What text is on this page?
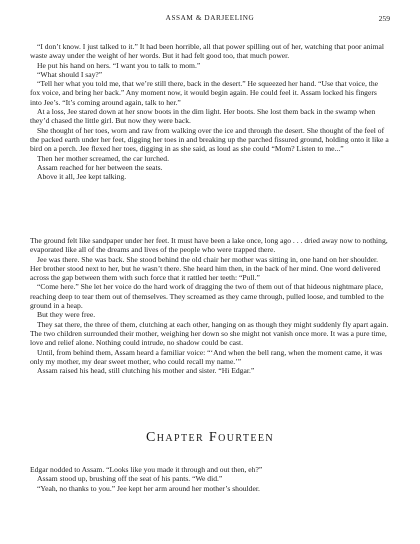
ASSAM & DARJEELING	259

“I don’t know. I just talked to it.” It had been horrible, all that power spilling out of her, watching that poor animal waste away under the weight of her words. But it had felt good too, that much power.

He put his hand on hers. “I want you to talk to mom.”

“What should I say?”

“Tell her what you told me, that we’re still there, back in the desert.” He squeezed her hand. “Use that voice, the fox voice, and bring her back.” Any moment now, it would begin again. He could feel it. Assam locked his fingers into Jee’s. “It’s coming around again, talk to her.”

At a loss, Jee stared down at her snow boots in the dim light. Her boots. She lost them back in the swamp when they’d chased the little girl. But now they were back.

She thought of her toes, worn and raw from walking over the ice and through the desert. She thought of the feel of the packed earth under her feet, digging her toes in and breaking up the parched fissured ground, holding onto it like a bird on a perch. Jee flexed her toes, digging in as she said, as loud as she could “Mom? Listen to me...”

Then her mother screamed, the car lurched.

Assam reached for her between the seats.

Above it all, Jee kept talking.

The ground felt like sandpaper under her feet. It must have been a lake once, long ago . . . dried away now to nothing, evaporated like all of the dreams and lives of the people who were trapped there.

Jee was there. She was back. She stood behind the old chair her mother was sitting in, one hand on her shoulder. Her brother stood next to her, but he wasn’t there. She heard him then, in the back of her mind. One word delivered across the gap between them with such force that it rattled her teeth: “Pull.”

“Come here.” She let her voice do the hard work of dragging the two of them out of that hideous nightmare place, reaching deep to tear them out of themselves. They screamed as they came through, pulled loose, and tumbled to the ground in a heap.

But they were free.

They sat there, the three of them, clutching at each other, hanging on as though they might suddenly fly apart again. The two children surrounded their mother, weighing her down so she might not vanish once more. It was a pure time, love and relief alone. Nothing could intrude, no shadow could be cast.

Until, from behind them, Assam heard a familiar voice: “‘And when the bell rang, when the moment came, it was only my mother, my dear sweet mother, who could recall my name.’”

Assam raised his head, still clutching his mother and sister. “Hi Edgar.”

Chapter Fourteen

Edgar nodded to Assam. “Looks like you made it through and out then, eh?”

Assam stood up, brushing off the seat of his pants. “We did.”

“Yeah, no thanks to you.” Jee kept her arm around her mother’s shoulder.
